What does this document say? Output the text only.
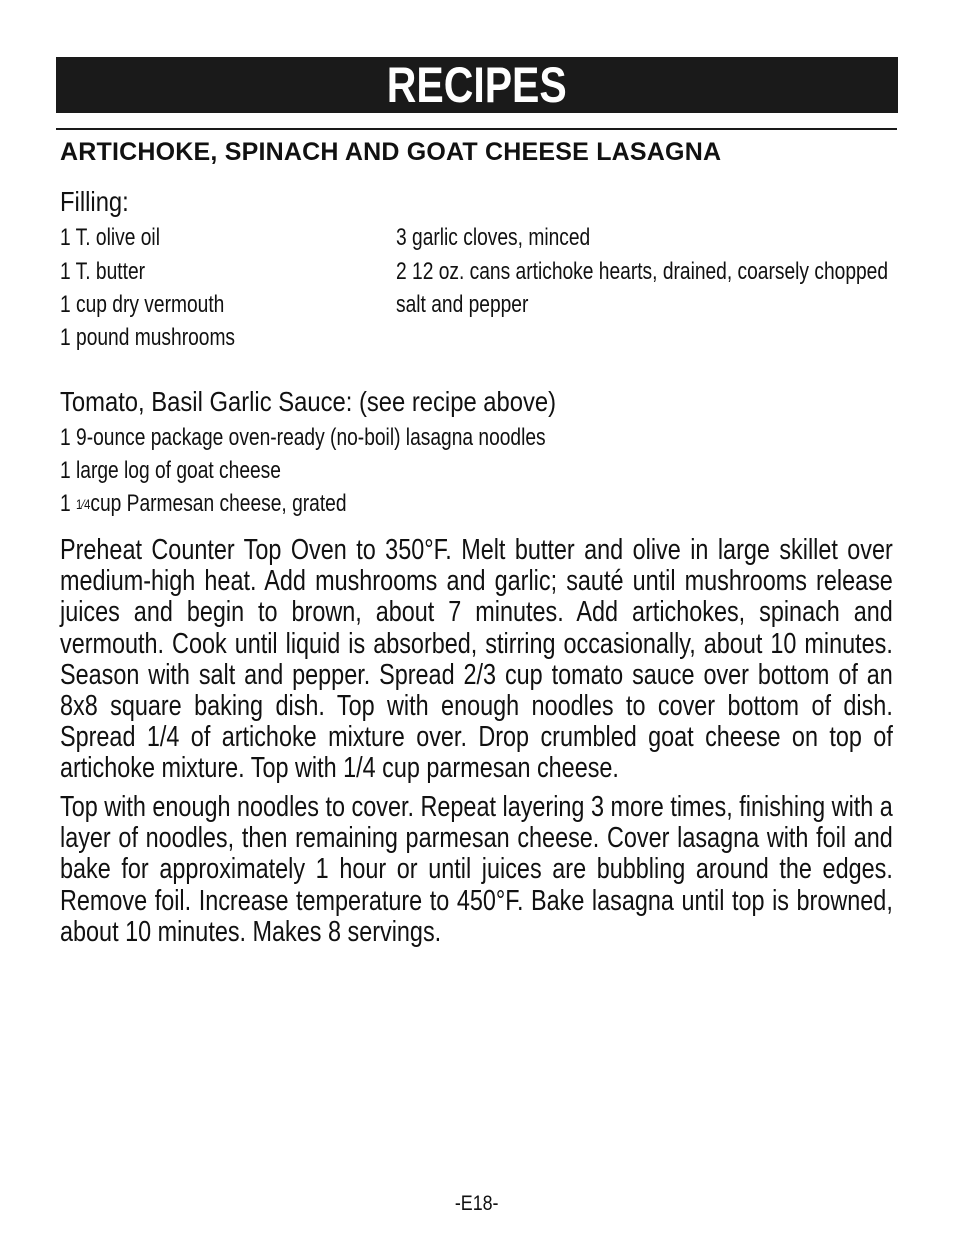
RECIPES
ARTICHOKE, SPINACH AND GOAT CHEESE LASAGNA
Filling:
1 T. olive oil
1 T. butter
1 cup dry vermouth
1 pound mushrooms
3 garlic cloves, minced
2 12 oz. cans artichoke hearts, drained, coarsely chopped
salt and pepper
Tomato, Basil Garlic Sauce: (see recipe above)
1 9-ounce package oven-ready (no-boil) lasagna noodles
1 large log of goat cheese
1 1⁄4cup Parmesan cheese, grated

Preheat Counter Top Oven to 350°F. Melt butter and olive in large skillet over medium-high heat. Add mushrooms and garlic; sauté until mushrooms release juices and begin to brown, about 7 minutes. Add artichokes, spinach and vermouth. Cook until liquid is absorbed, stirring occasionally, about 10 minutes. Season with salt and pepper. Spread 2/3 cup tomato sauce over bottom of an 8x8 square baking dish. Top with enough noodles to cover bottom of dish. Spread 1/4 of artichoke mixture over. Drop crumbled goat cheese on top of artichoke mixture. Top with 1/4 cup parmesan cheese.

Top with enough noodles to cover. Repeat layering 3 more times, finishing with a layer of noodles, then remaining parmesan cheese. Cover lasagna with foil and bake for approximately 1 hour or until juices are bubbling around the edges. Remove foil. Increase temperature to 450°F. Bake lasagna until top is browned, about 10 minutes. Makes 8 servings.

-E18-
